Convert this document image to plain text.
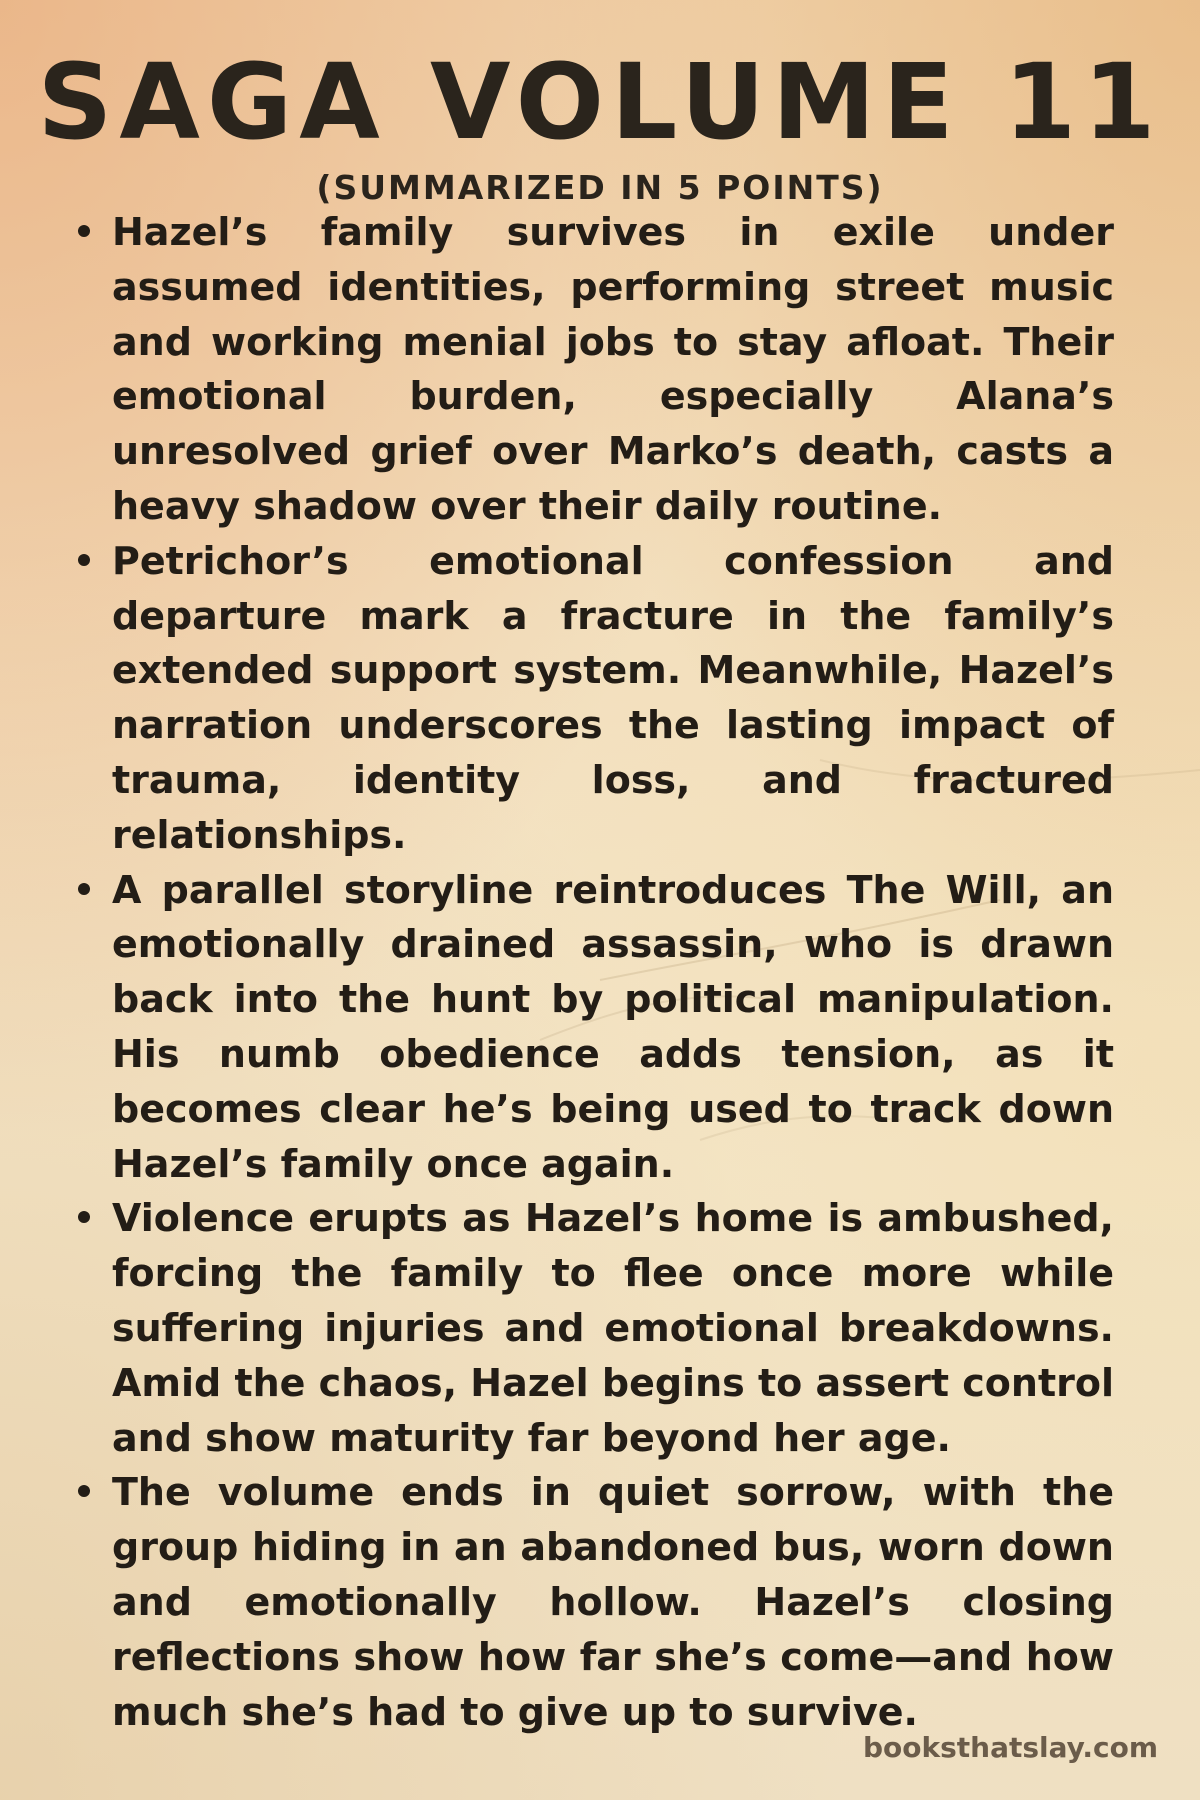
SAGA VOLUME 11
(SUMMARIZED IN 5 POINTS)
Hazel’s family survives in exile under assumed identities, performing street music and working menial jobs to stay afloat. Their emotional burden, especially Alana’s unresolved grief over Marko’s death, casts a heavy shadow over their daily routine.
Petrichor’s emotional confession and departure mark a fracture in the family’s extended support system. Meanwhile, Hazel’s narration underscores the lasting impact of trauma, identity loss, and fractured relationships.
A parallel storyline reintroduces The Will, an emotionally drained assassin, who is drawn back into the hunt by political manipulation. His numb obedience adds tension, as it becomes clear he’s being used to track down Hazel’s family once again.
Violence erupts as Hazel’s home is ambushed, forcing the family to flee once more while suffering injuries and emotional breakdowns. Amid the chaos, Hazel begins to assert control and show maturity far beyond her age.
The volume ends in quiet sorrow, with the group hiding in an abandoned bus, worn down and emotionally hollow. Hazel’s closing reflections show how far she’s come—and how much she’s had to give up to survive.
booksthatslay.com
